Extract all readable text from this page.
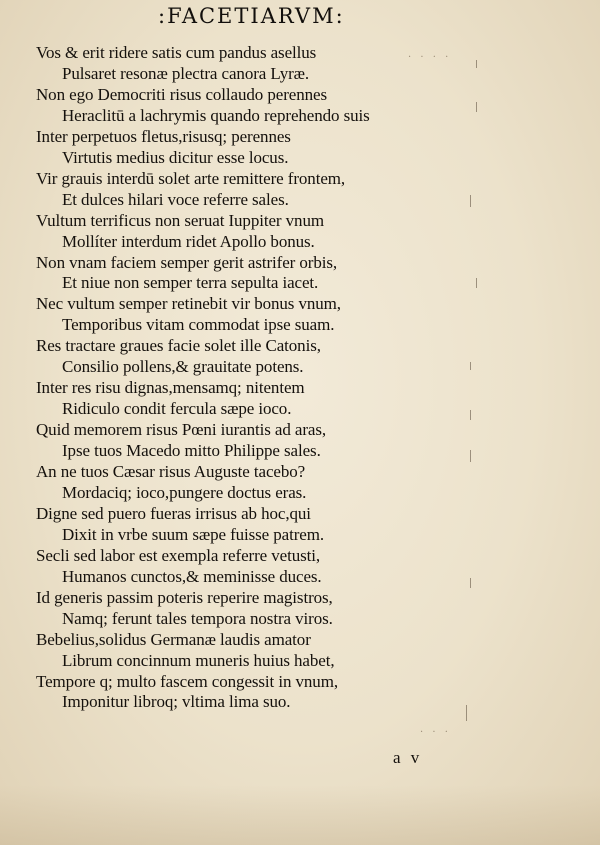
:FACETIARVM:
Vos & erit ridere satis cum pandus asellus
Pulsaret resonæ plectra canora Lyræ.
Non ego Democriti risus collaudo perennes
Heraclitū a lachrymis quando reprehendo suis
Inter perpetuos fletus,risusq; perennes
Virtutis medius dicitur esse locus.
Vir grauis interdū solet arte remittere frontem,
Et dulces hilari voce referre sales.
Vultum terrificus non seruat Iuppiter vnum
Mollíter interdum ridet Apollo bonus.
Non vnam faciem semper gerit astrifer orbis,
Et niue non semper terra sepulta iacet.
Nec vultum semper retinebit vir bonus vnum,
Temporibus vitam commodat ipse suam.
Res tractare graues facie solet ille Catonis,
Consilio pollens,& grauitate potens.
Inter res risu dignas,mensamq; nitentem
Ridiculo condit fercula sæpe ioco.
Quid memorem risus Pœni iurantis ad aras,
Ipse tuos Macedo mitto Philippe sales.
An ne tuos Cæsar risus Auguste tacebo?
Mordaciq; ioco,pungere doctus eras.
Digne sed puero fueras irrisus ab hoc,qui
Dixit in vrbe suum sæpe fuisse patrem.
Secli sed labor est exempla referre vetusti,
Humanos cunctos,& meminisse duces.
Id generis passim poteris reperire magistros,
Namq; ferunt tales tempora nostra viros.
Bebelius,solidus Germanæ laudis amator
Librum concinnum muneris huius habet,
Tempore q; multo fascem congessit in vnum,
Imponitur libroq; vltima lima suo.
a v
· · · ·
· · ·
